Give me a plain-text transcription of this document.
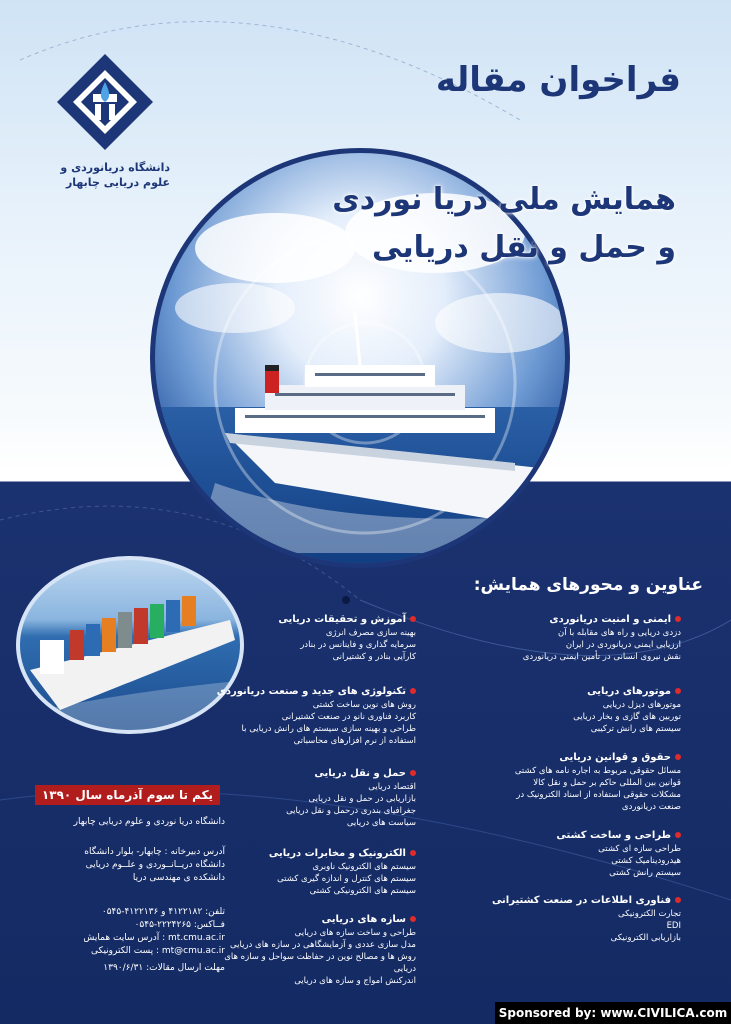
دانشگاه دریانوردی و
علوم دریایی چابهار
فراخوان مقاله
همایش ملی دریا نوردی
و حمل و نقل دریایی
عناوین و محورهای همایش:
ایمنی و امنیت دریانوردی
دزدی دریایی و راه های مقابله با آن
ارزیابی ایمنی دریانوردی در ایران
نقش نیروی انسانی در تأمین ایمنی دریانوردی
موتورهای دریایی
موتورهای دیزل دریایی
توربین های گازی و بخار دریایی
سیستم های رانش ترکیبی
حقوق و قوانین دریایی
مسائل حقوقی مربوط به اجاره نامه های کشتی
قوانین بین المللی حاکم بر حمل و نقل کالا
مشکلات حقوقی استفاده از اسناد الکترونیک در
صنعت دریانوردی
طراحی و ساخت کشتی
طراحی سازه ای کشتی
هیدرودینامیک کشتی
سیستم رانش کشتی
فناوری اطلاعات در صنعت کشتیرانی
تجارت الکترونیکی
EDI
بازاریابی الکترونیکی
آموزش و تحقیقات دریایی
بهینه سازی مصرف انرژی
سرمایه گذاری و فاینانس در بنادر
کارآیی بنادر و کشتیرانی
تکنولوژی های جدید و صنعت دریانوردی
روش های نوین ساخت کشتی
کاربرد فناوری نانو در صنعت کشتیرانی
طراحی و بهینه سازی سیستم های رانش دریایی با
استفاده از نرم افزارهای محاسباتی
حمل و نقل دریایی
اقتصاد دریایی
بازاریابی در حمل و نقل دریایی
جغرافیای بندری درحمل و نقل دریایی
سیاست های دریایی
الکترونیک و مخابرات دریایی
سیستم های الکترونیک ناوبری
سیستم های کنترل و اندازه گیری کشتی
سیستم های الکترونیکی کشتی
سازه های دریایی
طراحی و ساخت سازه های دریایی
مدل سازی عددی و آزمایشگاهی در سازه های دریایی
روش ها و مصالح نوین در حفاظت سواحل و سازه های
دریایی
اندرکنش امواج و سازه های دریایی
یکم تا سوم آذرماه سال ۱۳۹۰
دانشگاه دریا نوردی و علوم دریایی چابهار
آدرس دبیرخانه : چابهار- بلوار دانشگاه
دانشگاه دریــانــوردی و علــوم دریایی
دانشکده ی مهندسی دریا
تلفن: ۴۱۲۲۱۸۲ و ۴۱۲۲۱۳۶-۰۵۴۵
فــاکس: ۲۲۲۴۲۶۵-۰۵۴۵
mt.cmu.ac.ir : آدرس سایت همایش
mt@cmu.ac.ir : پست الکترونیکی
مهلت ارسال مقالات: ۱۳۹۰/۶/۳۱
Sponsored by: www.CIVILICA.com
